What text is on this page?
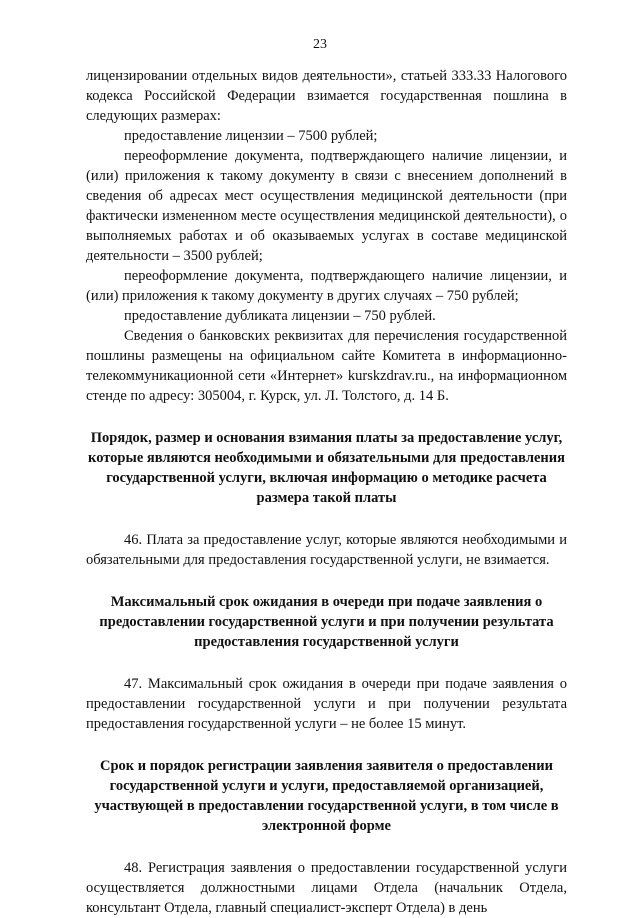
23

лицензировании отдельных видов деятельности», статьей 333.33 Налогового кодекса Российской Федерации взимается государственная пошлина в следующих размерах:

предоставление лицензии – 7500 рублей;

переоформление документа, подтверждающего наличие лицензии, и (или) приложения к такому документу в связи с внесением дополнений в сведения об адресах мест осуществления медицинской деятельности (при фактически измененном месте осуществления медицинской деятельности), о выполняемых работах и об оказываемых услугах в составе медицинской деятельности – 3500 рублей;

переоформление документа, подтверждающего наличие лицензии, и (или) приложения к такому документу в других случаях – 750 рублей;

предоставление дубликата лицензии – 750 рублей.

Сведения о банковских реквизитах для перечисления государственной пошлины размещены на официальном сайте Комитета в информационно-телекоммуникационной сети «Интернет» kurskzdrav.ru., на информационном стенде по адресу: 305004, г. Курск, ул. Л. Толстого, д. 14 Б.

Порядок, размер и основания взимания платы за предоставление услуг, которые являются необходимыми и обязательными для предоставления государственной услуги, включая информацию о методике расчета размера такой платы

46. Плата за предоставление услуг, которые являются необходимыми и обязательными для предоставления государственной услуги, не взимается.

Максимальный срок ожидания в очереди при подаче заявления о предоставлении государственной услуги и при получении результата предоставления государственной услуги

47. Максимальный срок ожидания в очереди при подаче заявления о предоставлении государственной услуги и при получении результата предоставления государственной услуги – не более 15 минут.

Срок и порядок регистрации заявления заявителя о предоставлении государственной услуги и услуги, предоставляемой организацией, участвующей в предоставлении государственной услуги, в том числе в электронной форме

48. Регистрация заявления о предоставлении государственной услуги осуществляется должностными лицами Отдела (начальник Отдела, консультант Отдела, главный специалист-эксперт Отдела) в день
